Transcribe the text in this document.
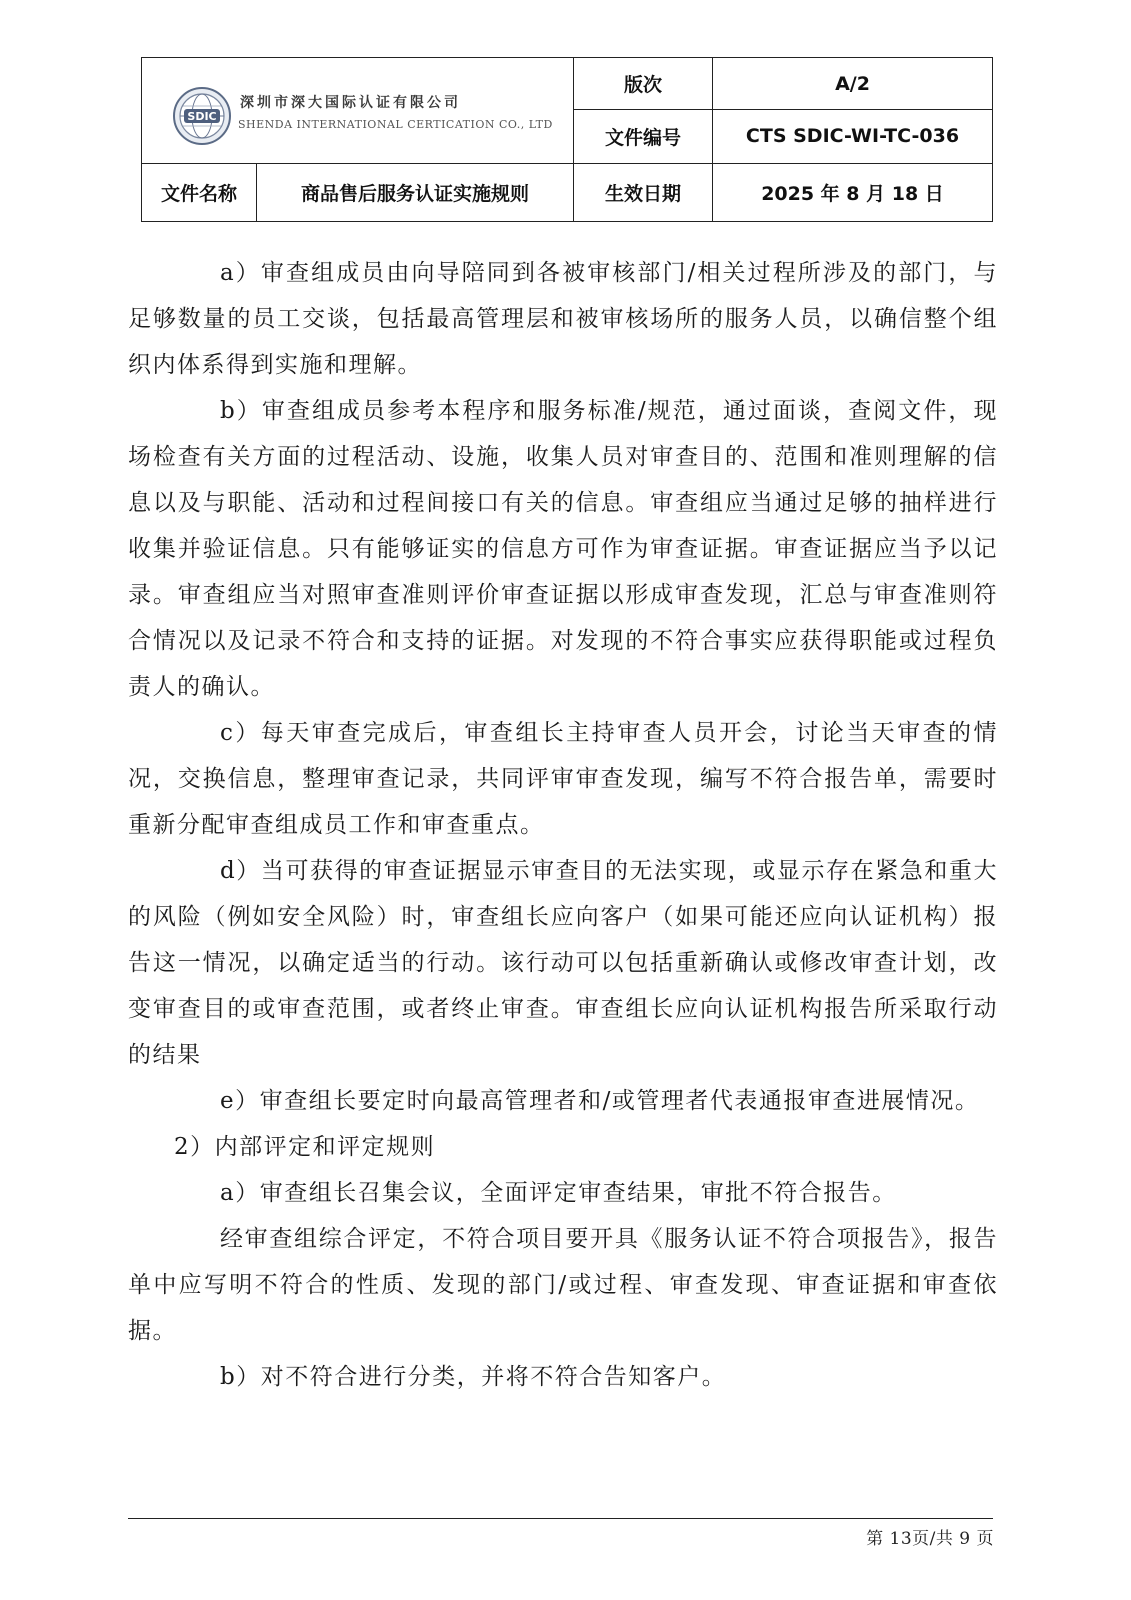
SDIC
深圳市深大国际认证有限公司
SHENDA INTERNATIONAL CERTICATION CO., LTD		版次	A/2
		文件编号	CTS SDIC-WI-TC-036
文件名称	商品售后服务认证实施规则	生效日期	2025 年 8 月 18 日

a）审查组成员由向导陪同到各被审核部门/相关过程所涉及的部门，与足够数量的员工交谈，包括最高管理层和被审核场所的服务人员，以确信整个组织内体系得到实施和理解。

b）审查组成员参考本程序和服务标准/规范，通过面谈，查阅文件，现场检查有关方面的过程活动、设施，收集人员对审查目的、范围和准则理解的信息以及与职能、活动和过程间接口有关的信息。审查组应当通过足够的抽样进行收集并验证信息。只有能够证实的信息方可作为审查证据。审查证据应当予以记录。审查组应当对照审查准则评价审查证据以形成审查发现，汇总与审查准则符合情况以及记录不符合和支持的证据。对发现的不符合事实应获得职能或过程负责人的确认。

c）每天审查完成后，审查组长主持审查人员开会，讨论当天审查的情况，交换信息，整理审查记录，共同评审审查发现，编写不符合报告单，需要时重新分配审查组成员工作和审查重点。

d）当可获得的审查证据显示审查目的无法实现，或显示存在紧急和重大的风险（例如安全风险）时，审查组长应向客户（如果可能还应向认证机构）报告这一情况，以确定适当的行动。该行动可以包括重新确认或修改审查计划，改变审查目的或审查范围，或者终止审查。审查组长应向认证机构报告所采取行动的结果

e）审查组长要定时向最高管理者和/或管理者代表通报审查进展情况。

2）内部评定和评定规则

a）审查组长召集会议，全面评定审查结果，审批不符合报告。

经审查组综合评定，不符合项目要开具《服务认证不符合项报告》，报告单中应写明不符合的性质、发现的部门/或过程、审查发现、审查证据和审查依据。

b）对不符合进行分类，并将不符合告知客户。

第 13页/共 9 页
